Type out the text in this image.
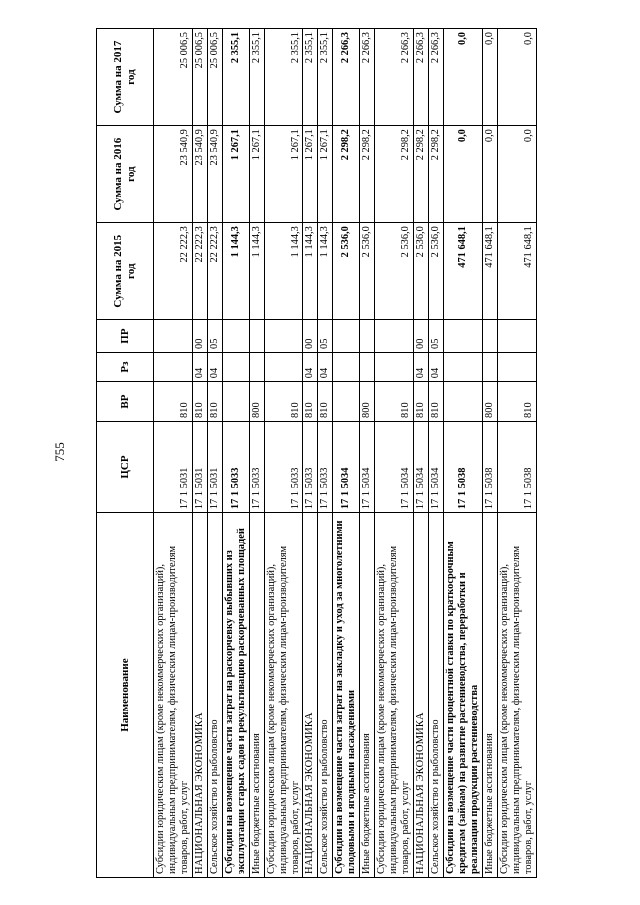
755
Наименование	ЦСР	ВР	Рз	ПР	Сумма на 2015 год	Сумма на 2016 год	Сумма на 2017 год
Субсидии юридическим лицам (кроме некоммерческих организаций), индивидуальным предпринимателям, физическим лицам-производителям товаров, работ, услуг	17 1 5031	810			22 222,3	23 540,9	25 006,5
НАЦИОНАЛЬНАЯ ЭКОНОМИКА	17 1 5031	810	04	00	22 222,3	23 540,9	25 006,5
Сельское хозяйство и рыболовство	17 1 5031	810	04	05	22 222,3	23 540,9	25 006,5
Субсидии на возмещение части затрат на раскорчевку выбывших из эксплуатации старых садов и рекультивацию раскорчеванных площадей	17 1 5033				1 144,3	1 267,1	2 355,1
Иные бюджетные ассигнования	17 1 5033	800			1 144,3	1 267,1	2 355,1
Субсидии юридическим лицам (кроме некоммерческих организаций), индивидуальным предпринимателям, физическим лицам-производителям товаров, работ, услуг	17 1 5033	810			1 144,3	1 267,1	2 355,1
НАЦИОНАЛЬНАЯ ЭКОНОМИКА	17 1 5033	810	04	00	1 144,3	1 267,1	2 355,1
Сельское хозяйство и рыболовство	17 1 5033	810	04	05	1 144,3	1 267,1	2 355,1
Субсидии на возмещение части затрат на закладку и уход за многолетними плодовыми и ягодными насаждениями	17 1 5034				2 536,0	2 298,2	2 266,3
Иные бюджетные ассигнования	17 1 5034	800			2 536,0	2 298,2	2 266,3
Субсидии юридическим лицам (кроме некоммерческих организаций), индивидуальным предпринимателям, физическим лицам-производителям товаров, работ, услуг	17 1 5034	810			2 536,0	2 298,2	2 266,3
НАЦИОНАЛЬНАЯ ЭКОНОМИКА	17 1 5034	810	04	00	2 536,0	2 298,2	2 266,3
Сельское хозяйство и рыболовство	17 1 5034	810	04	05	2 536,0	2 298,2	2 266,3
Субсидии на возмещение части процентной ставки по краткосрочным кредитам (займам) на развитие растениеводства, переработки и реализации продукции растениеводства	17 1 5038				471 648,1	0,0	0,0
Иные бюджетные ассигнования	17 1 5038	800			471 648,1	0,0	0,0
Субсидии юридическим лицам (кроме некоммерческих организаций), индивидуальным предпринимателям, физическим лицам-производителям товаров, работ, услуг	17 1 5038	810			471 648,1	0,0	0,0
